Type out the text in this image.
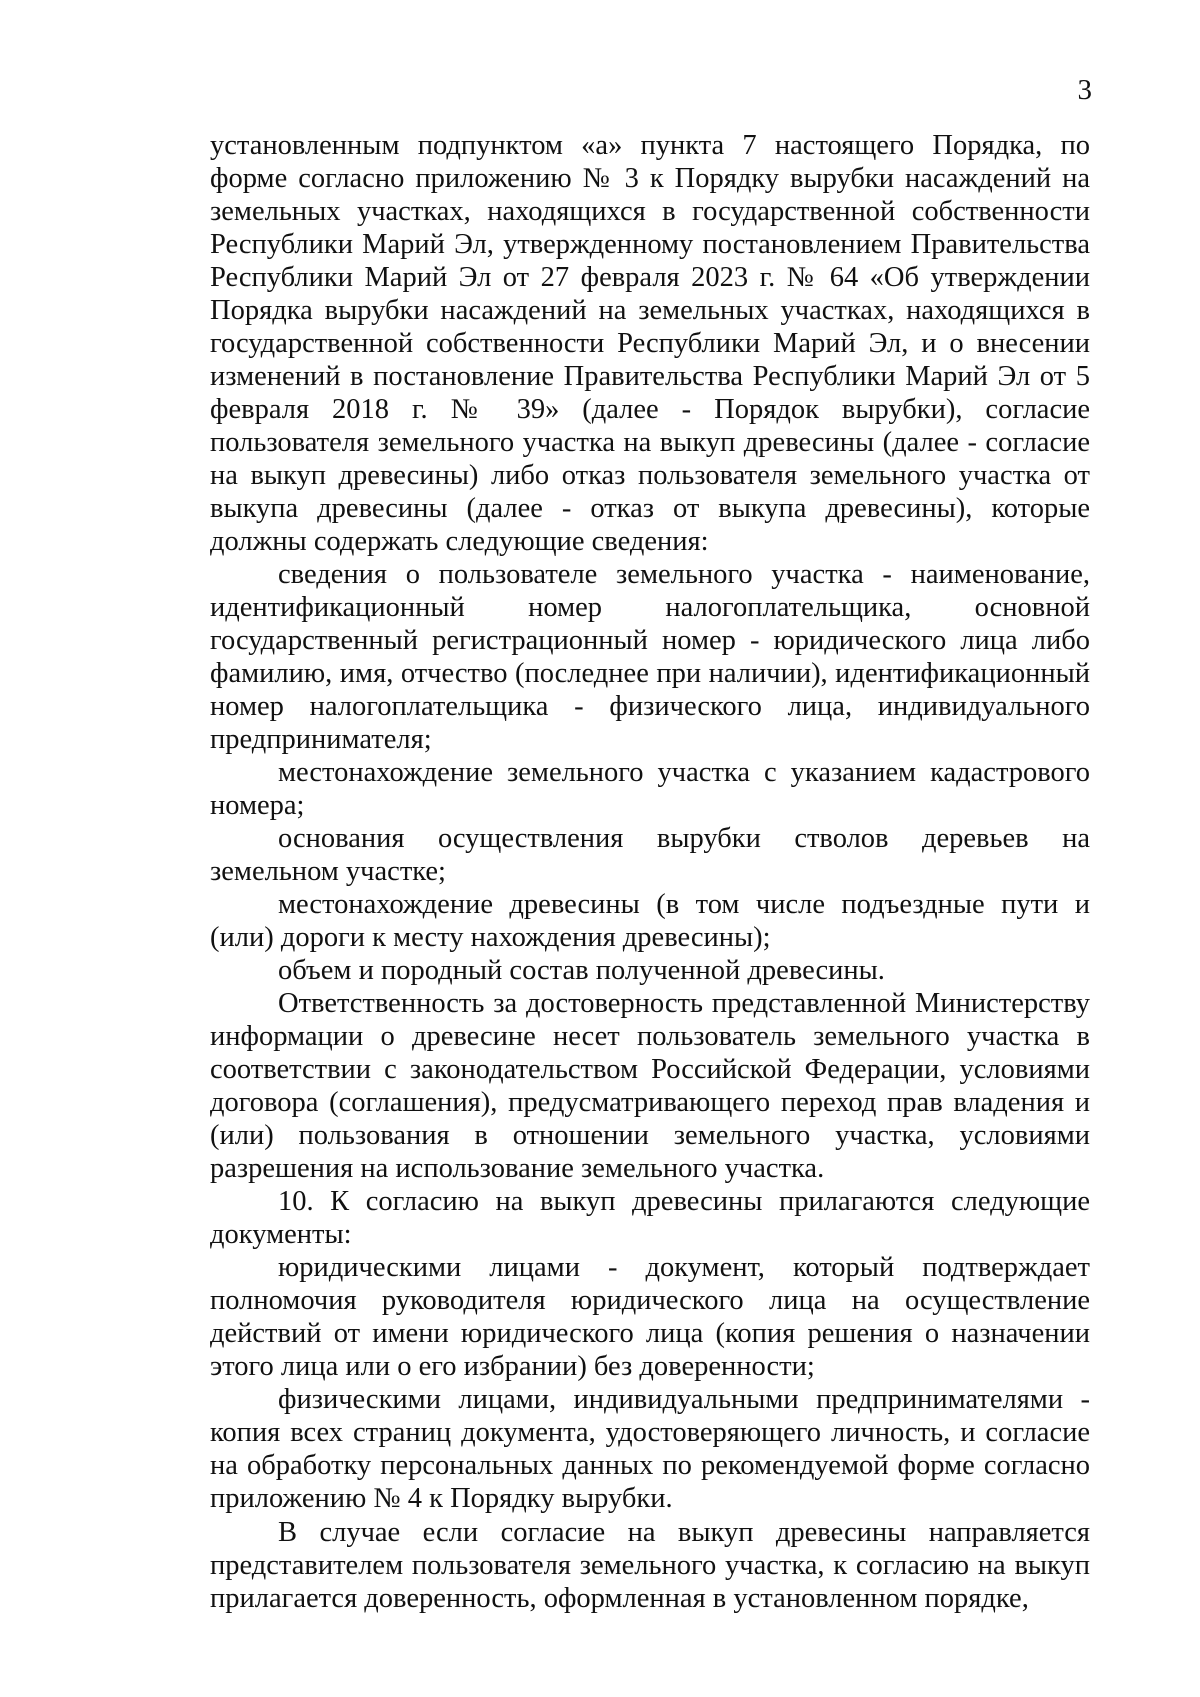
3

установленным подпунктом «а» пункта 7 настоящего Порядка, по форме согласно приложению № 3 к Порядку вырубки насаждений на земельных участках, находящихся в государственной собственности Республики Марий Эл, утвержденному постановлением Правительства Республики Марий Эл от 27 февраля 2023 г. № 64 «Об утверждении Порядка вырубки насаждений на земельных участках, находящихся в государственной собственности Республики Марий Эл, и о внесении изменений в постановление Правительства Республики Марий Эл от 5 февраля 2018 г. № 39» (далее - Порядок вырубки), согласие пользователя земельного участка на выкуп древесины (далее - согласие на выкуп древесины) либо отказ пользователя земельного участка от выкупа древесины (далее - отказ от выкупа древесины), которые должны содержать следующие сведения:

сведения о пользователе земельного участка - наименование, идентификационный номер налогоплательщика, основной государственный регистрационный номер - юридического лица либо фамилию, имя, отчество (последнее при наличии), идентификационный номер налогоплательщика - физического лица, индивидуального предпринимателя;

местонахождение земельного участка с указанием кадастрового номера;

основания осуществления вырубки стволов деревьев на земельном участке;

местонахождение древесины (в том числе подъездные пути и (или) дороги к месту нахождения древесины);

объем и породный состав полученной древесины.

Ответственность за достоверность представленной Министерству информации о древесине несет пользователь земельного участка в соответствии с законодательством Российской Федерации, условиями договора (соглашения), предусматривающего переход прав владения и (или) пользования в отношении земельного участка, условиями разрешения на использование земельного участка.

10. К согласию на выкуп древесины прилагаются следующие документы:

юридическими лицами - документ, который подтверждает полномочия руководителя юридического лица на осуществление действий от имени юридического лица (копия решения о назначении этого лица или о его избрании) без доверенности;

физическими лицами, индивидуальными предпринимателями - копия всех страниц документа, удостоверяющего личность, и согласие на обработку персональных данных по рекомендуемой форме согласно приложению № 4 к Порядку вырубки.

В случае если согласие на выкуп древесины направляется представителем пользователя земельного участка, к согласию на выкуп прилагается доверенность, оформленная в установленном порядке,
